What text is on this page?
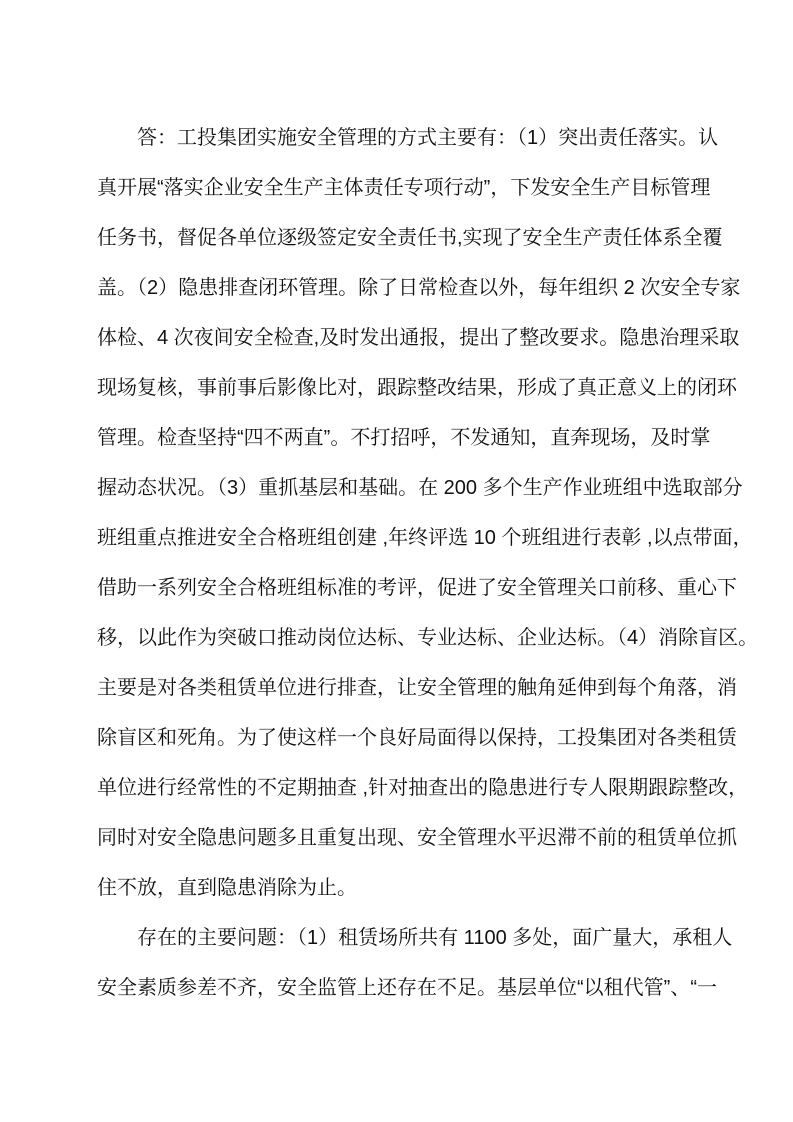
答：工投集团实施安全管理的方式主要有：（1）突出责任落实。认
真开展“落实企业安全生产主体责任专项行动”，下发安全生产目标管理
任务书，督促各单位逐级签定安全责任书,实现了安全生产责任体系全覆
盖。（2）隐患排查闭环管理。除了日常检查以外，每年组织 2 次安全专家
体检、4 次夜间安全检查,及时发出通报，提出了整改要求。隐患治理采取
现场复核，事前事后影像比对，跟踪整改结果，形成了真正意义上的闭环
管理。检查坚持“四不两直”。不打招呼，不发通知，直奔现场，及时掌
握动态状况。（3）重抓基层和基础。在 200 多个生产作业班组中选取部分
班组重点推进安全合格班组创建 ,年终评选 10 个班组进行表彰 ,以点带面，
借助一系列安全合格班组标准的考评，促进了安全管理关口前移、重心下
移，以此作为突破口推动岗位达标、专业达标、企业达标。（4）消除盲区。
主要是对各类租赁单位进行排查，让安全管理的触角延伸到每个角落，消
除盲区和死角。为了使这样一个良好局面得以保持，工投集团对各类租赁
单位进行经常性的不定期抽查 ,针对抽查出的隐患进行专人限期跟踪整改，
同时对安全隐患问题多且重复出现、安全管理水平迟滞不前的租赁单位抓
住不放，直到隐患消除为止。
存在的主要问题：（1）租赁场所共有 1100 多处，面广量大，承租人
安全素质参差不齐，安全监管上还存在不足。基层单位“以租代管”、“一
